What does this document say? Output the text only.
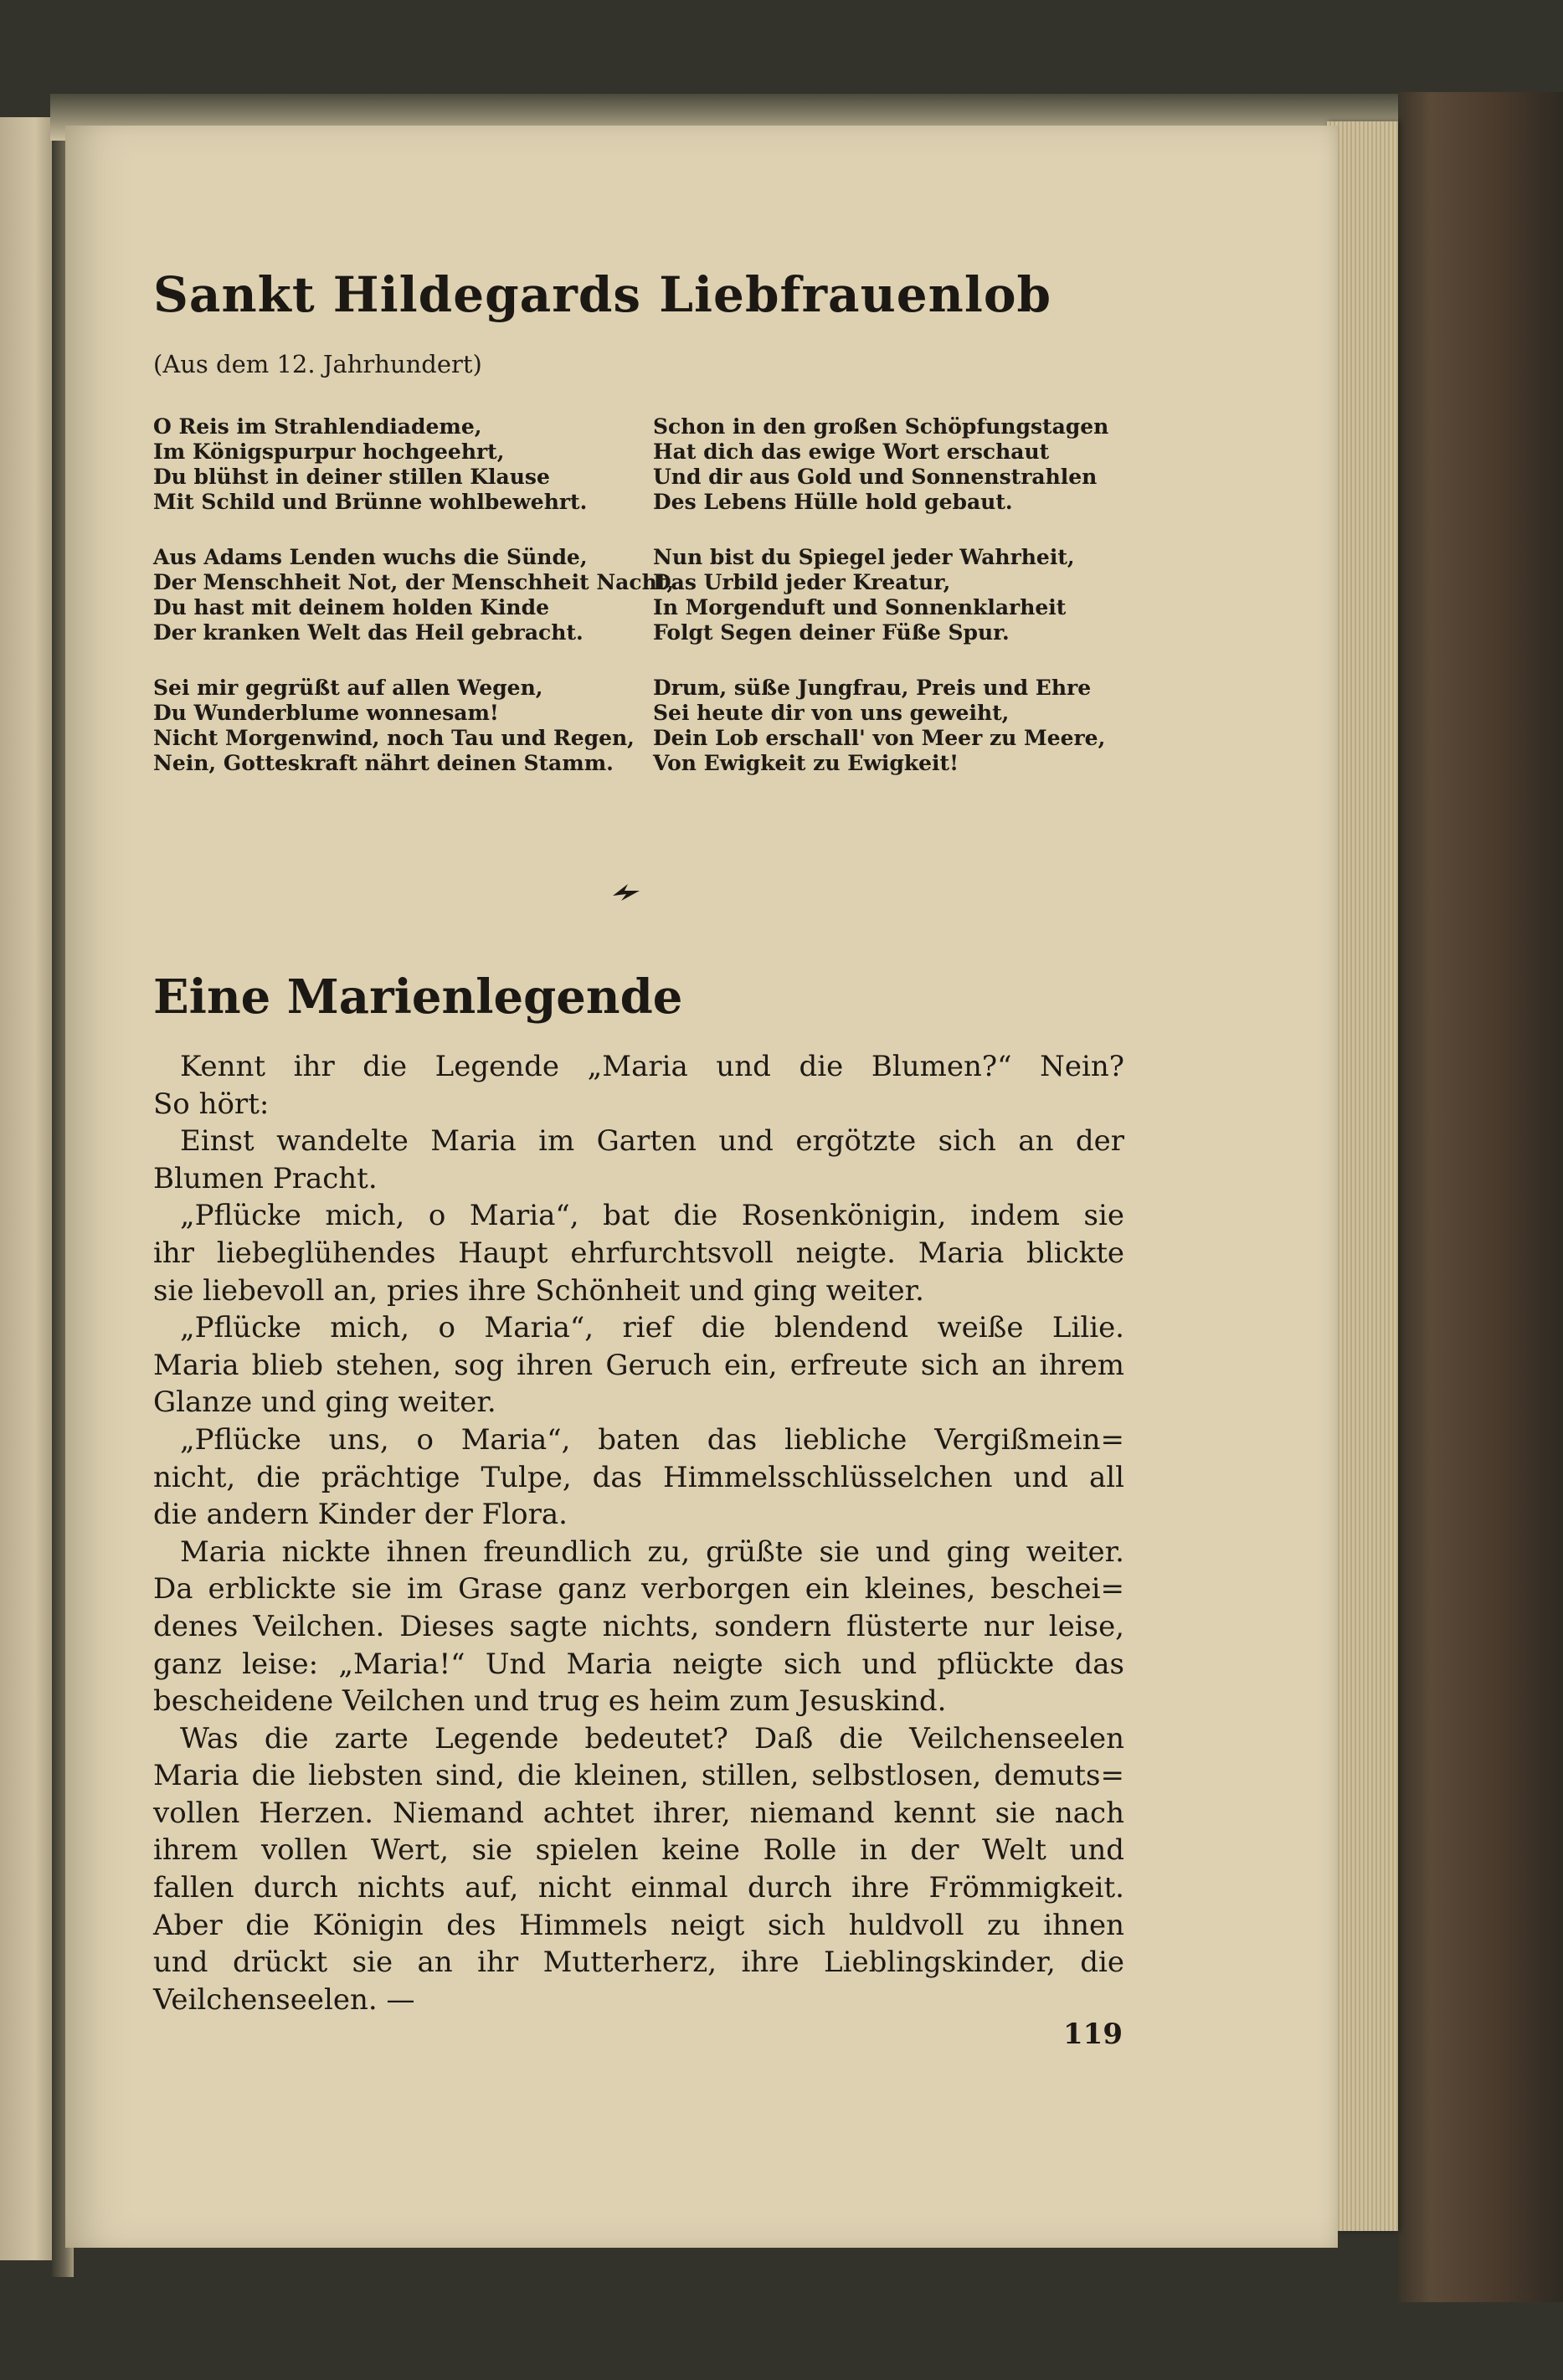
Sankt Hildegards Liebfrauenlob
(Aus dem 12. Jahrhundert)
O Reis im Strahlendiademe,
Im Königspurpur hochgeehrt,
Du blühst in deiner stillen Klause
Mit Schild und Brünne wohlbewehrt.
Aus Adams Lenden wuchs die Sünde,
Der Menschheit Not, der Menschheit Nacht,
Du hast mit deinem holden Kinde
Der kranken Welt das Heil gebracht.
Sei mir gegrüßt auf allen Wegen,
Du Wunderblume wonnesam!
Nicht Morgenwind, noch Tau und Regen,
Nein, Gotteskraft nährt deinen Stamm.
Schon in den großen Schöpfungstagen
Hat dich das ewige Wort erschaut
Und dir aus Gold und Sonnenstrahlen
Des Lebens Hülle hold gebaut.
Nun bist du Spiegel jeder Wahrheit,
Das Urbild jeder Kreatur,
In Morgenduft und Sonnenklarheit
Folgt Segen deiner Füße Spur.
Drum, süße Jungfrau, Preis und Ehre
Sei heute dir von uns geweiht,
Dein Lob erschall' von Meer zu Meere,
Von Ewigkeit zu Ewigkeit!
Eine Marienlegende
Kennt ihr die Legende „Maria und die Blumen?“ Nein?
So hört:
Einst wandelte Maria im Garten und ergötzte sich an der
Blumen Pracht.
„Pflücke mich, o Maria“, bat die Rosenkönigin, indem sie
ihr liebeglühendes Haupt ehrfurchtsvoll neigte. Maria blickte
sie liebevoll an, pries ihre Schönheit und ging weiter.
„Pflücke mich, o Maria“, rief die blendend weiße Lilie.
Maria blieb stehen, sog ihren Geruch ein, erfreute sich an ihrem
Glanze und ging weiter.
„Pflücke uns, o Maria“, baten das liebliche Vergißmein=
nicht, die prächtige Tulpe, das Himmelsschlüsselchen und all
die andern Kinder der Flora.
Maria nickte ihnen freundlich zu, grüßte sie und ging weiter.
Da erblickte sie im Grase ganz verborgen ein kleines, beschei=
denes Veilchen. Dieses sagte nichts, sondern flüsterte nur leise,
ganz leise: „Maria!“ Und Maria neigte sich und pflückte das
bescheidene Veilchen und trug es heim zum Jesuskind.
Was die zarte Legende bedeutet? Daß die Veilchenseelen
Maria die liebsten sind, die kleinen, stillen, selbstlosen, demuts=
vollen Herzen. Niemand achtet ihrer, niemand kennt sie nach
ihrem vollen Wert, sie spielen keine Rolle in der Welt und
fallen durch nichts auf, nicht einmal durch ihre Frömmigkeit.
Aber die Königin des Himmels neigt sich huldvoll zu ihnen
und drückt sie an ihr Mutterherz, ihre Lieblingskinder, die
Veilchenseelen. —
119
